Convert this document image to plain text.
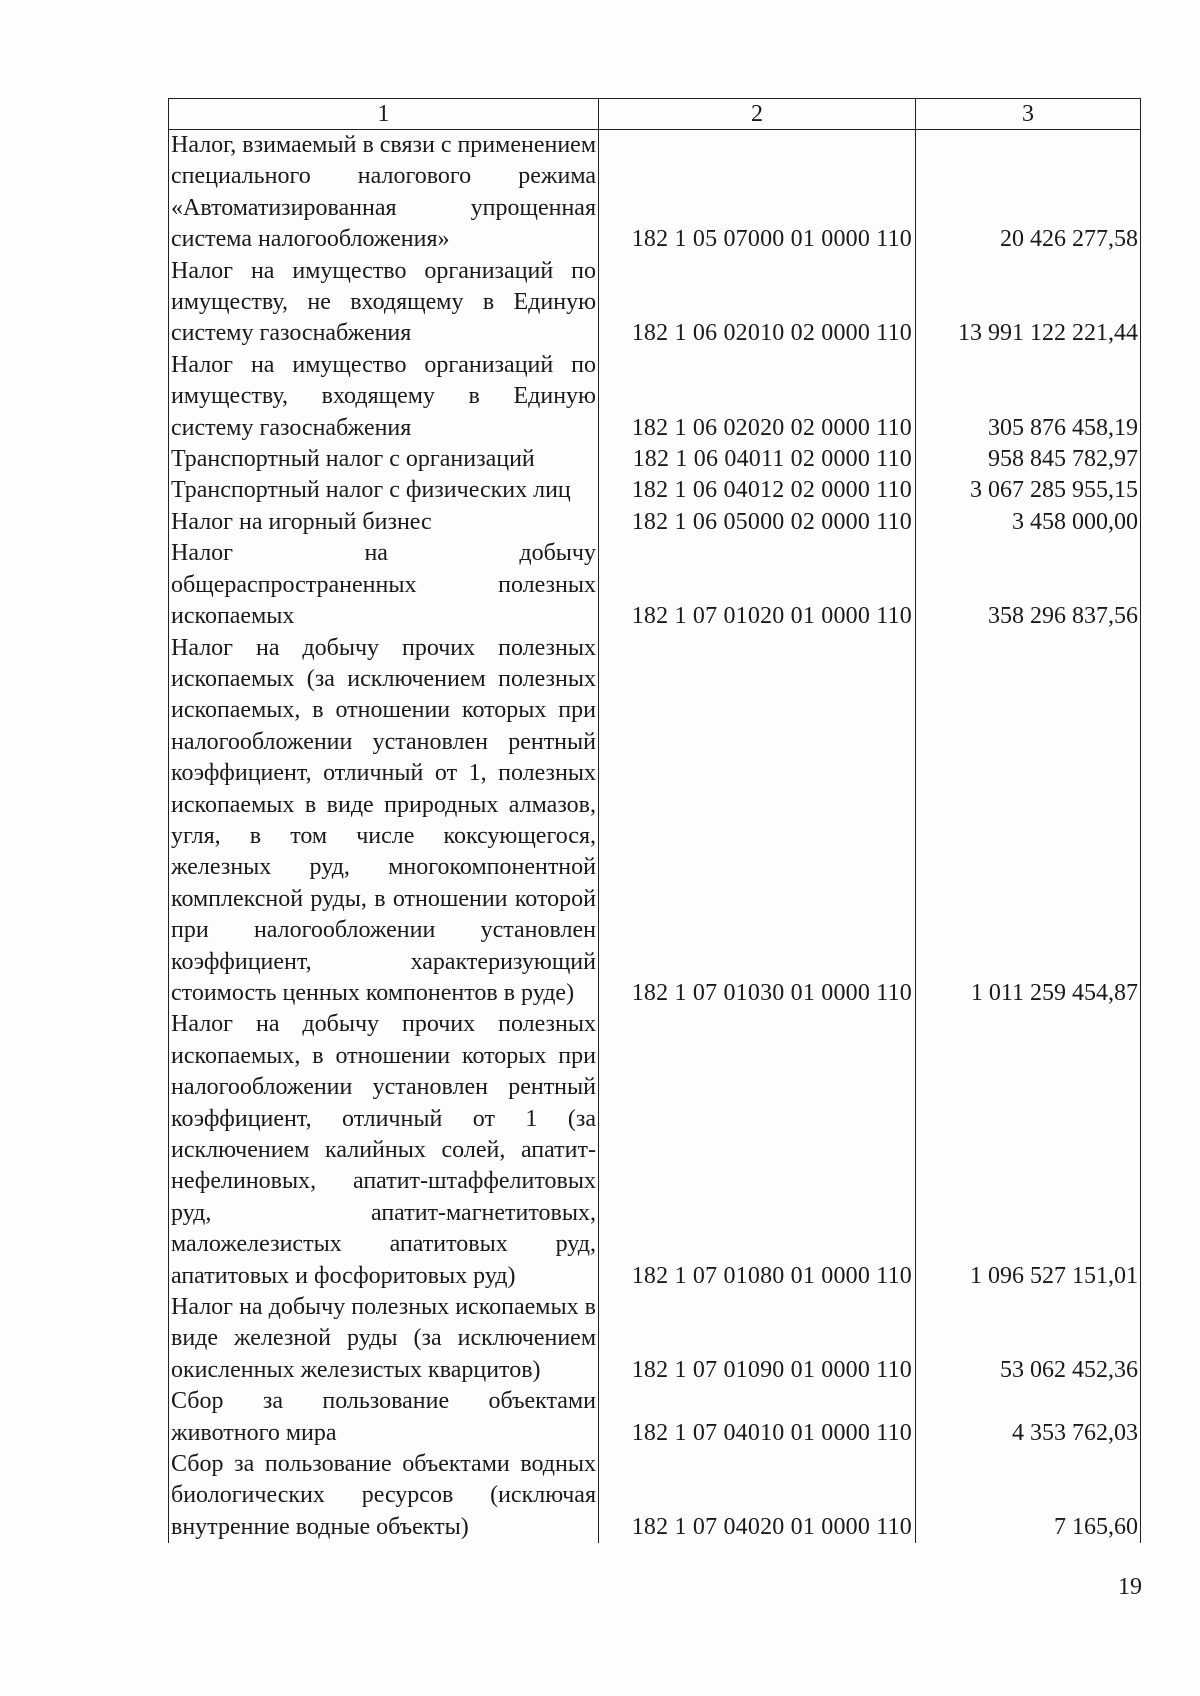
1	2	3
Налог, взимаемый в связи с применением специального налогового режима «Автоматизированная упрощенная система налогообложения»	182 1 05 07000 01 0000 110	20 426 277,58
Налог на имущество организаций по имуществу, не входящему в Единую систему газоснабжения	182 1 06 02010 02 0000 110	13 991 122 221,44
Налог на имущество организаций по имуществу, входящему в Единую систему газоснабжения	182 1 06 02020 02 0000 110	305 876 458,19
Транспортный налог с организаций	182 1 06 04011 02 0000 110	958 845 782,97
Транспортный налог с физических лиц	182 1 06 04012 02 0000 110	3 067 285 955,15
Налог на игорный бизнес	182 1 06 05000 02 0000 110	3 458 000,00
Налог на добычу общераспространенных полезных ископаемых	182 1 07 01020 01 0000 110	358 296 837,56
Налог на добычу прочих полезных ископаемых (за исключением полезных ископаемых, в отношении которых при налогообложении установлен рентный коэффициент, отличный от 1, полезных ископаемых в виде природных алмазов, угля, в том числе коксующегося, железных руд, многокомпонентной комплексной руды, в отношении которой при налогообложении установлен коэффициент, характеризующий стоимость ценных компонентов в руде)	182 1 07 01030 01 0000 110	1 011 259 454,87
Налог на добычу прочих полезных ископаемых, в отношении которых при налогообложении установлен рентный коэффициент, отличный от 1 (за исключением калийных солей, апатит-нефелиновых, апатит-штаффелитовых руд, апатит-магнетитовых, маложелезистых апатитовых руд, апатитовых и фосфоритовых руд)	182 1 07 01080 01 0000 110	1 096 527 151,01
Налог на добычу полезных ископаемых в виде железной руды (за исключением окисленных железистых кварцитов)	182 1 07 01090 01 0000 110	53 062 452,36
Сбор за пользование объектами животного мира	182 1 07 04010 01 0000 110	4 353 762,03
Сбор за пользование объектами водных биологических ресурсов (исключая внутренние водные объекты)	182 1 07 04020 01 0000 110	7 165,60
19
